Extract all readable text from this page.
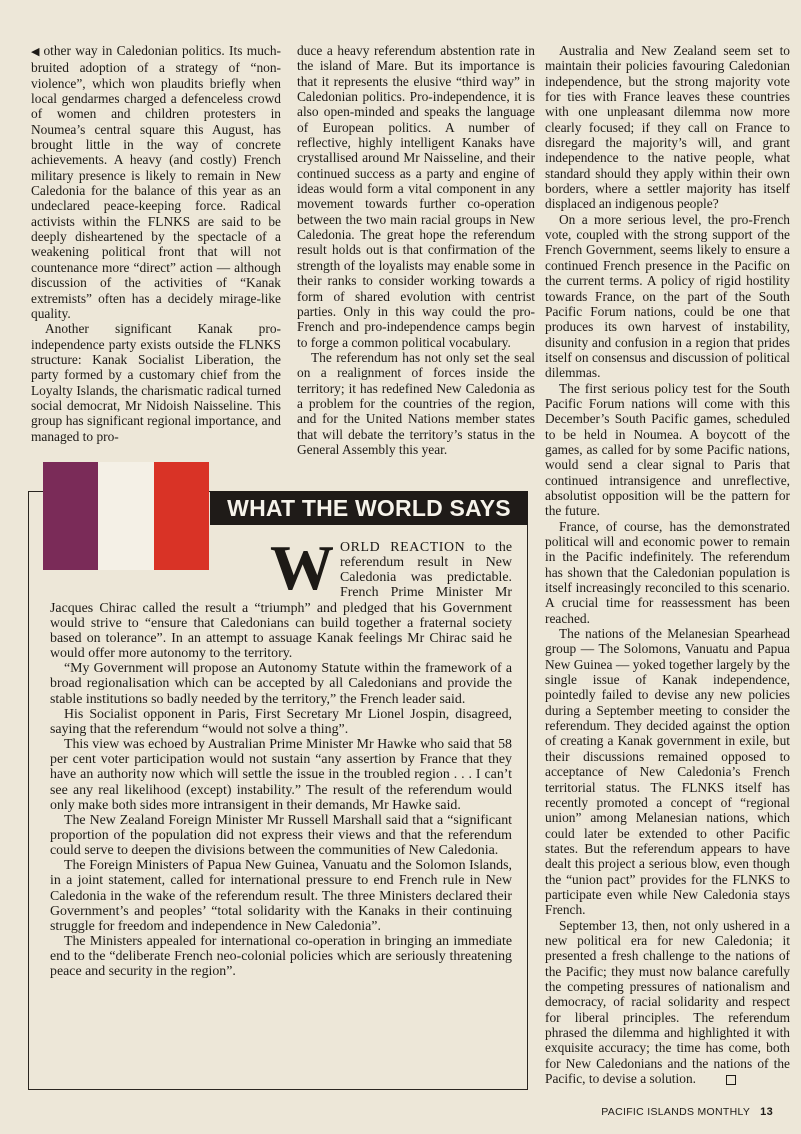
◀ other way in Caledonian politics. Its much-bruited adoption of a strategy of “non-violence”, which won plaudits briefly when local gendarmes charged a defenceless crowd of women and children protesters in Noumea’s central square this August, has brought little in the way of concrete achievements. A heavy (and costly) French military presence is likely to remain in New Caledonia for the balance of this year as an undeclared peace-keeping force. Radical activists within the FLNKS are said to be deeply disheartened by the spectacle of a weakening political front that will not countenance more “direct” action — although discussion of the activities of “Kanak extremists” often has a decidely mirage-like quality.

Another significant Kanak pro-independence party exists outside the FLNKS structure: Kanak Socialist Liberation, the party formed by a customary chief from the Loyalty Islands, the charismatic radical turned social democrat, Mr Nidoish Naisseline. This group has significant regional importance, and managed to pro-

duce a heavy referendum abstention rate in the island of Mare. But its importance is that it represents the elusive “third way” in Caledonian politics. Pro-independence, it is also open-minded and speaks the language of European politics. A number of reflective, highly intelligent Kanaks have crystallised around Mr Naisseline, and their continued success as a party and engine of ideas would form a vital component in any movement towards further co-operation between the two main racial groups in New Caledonia. The great hope the referendum result holds out is that confirmation of the strength of the loyalists may enable some in their ranks to consider working towards a form of shared evolution with centrist parties. Only in this way could the pro-French and pro-independence camps begin to forge a common political vocabulary.

The referendum has not only set the seal on a realignment of forces inside the territory; it has redefined New Caledonia as a problem for the countries of the region, and for the United Nations member states that will debate the territory’s status in the General Assembly this year.

Australia and New Zealand seem set to maintain their policies favouring Caledonian independence, but the strong majority vote for ties with France leaves these countries with one unpleasant dilemma now more clearly focused; if they call on France to disregard the majority’s will, and grant independence to the native people, what standard should they apply within their own borders, where a settler majority has itself displaced an indigenous people?

On a more serious level, the pro-French vote, coupled with the strong support of the French Government, seems likely to ensure a continued French presence in the Pacific on the current terms. A policy of rigid hostility towards France, on the part of the South Pacific Forum nations, could be one that produces its own harvest of instability, disunity and confusion in a region that prides itself on consensus and discussion of political dilemmas.

The first serious policy test for the South Pacific Forum nations will come with this December’s South Pacific games, scheduled to be held in Noumea. A boycott of the games, as called for by some Pacific nations, would send a clear signal to Paris that continued intransigence and unreflective, absolutist opposition will be the pattern for the future.

France, of course, has the demonstrated political will and economic power to remain in the Pacific indefinitely. The referendum has shown that the Caledonian population is itself increasingly reconciled to this scenario. A crucial time for reassessment has been reached.

The nations of the Melanesian Spearhead group — The Solomons, Vanuatu and Papua New Guinea — yoked together largely by the single issue of Kanak independence, pointedly failed to devise any new policies during a September meeting to consider the referendum. They decided against the option of creating a Kanak government in exile, but their discussions remained opposed to acceptance of New Caledonia’s French territorial status. The FLNKS itself has recently promoted a concept of “regional union” among Melanesian nations, which could later be extended to other Pacific states. But the referendum appears to have dealt this project a serious blow, even though the “union pact” provides for the FLNKS to participate even while New Caledonia stays French.

September 13, then, not only ushered in a new political era for new Caledonia; it presented a fresh challenge to the nations of the Pacific; they must now balance carefully the competing pressures of nationalism and democracy, of racial solidarity and respect for liberal principles. The referendum phrased the dilemma and highlighted it with exquisite accuracy; the time has come, both for New Caledonians and the nations of the Pacific, to devise a solution.

WHAT THE WORLD SAYS

WORLD REACTION to the referendum result in New Caledonia was predictable. French Prime Minister Mr Jacques Chirac called the result a “triumph” and pledged that his Government would strive to “ensure that Caledonians can build together a fraternal society based on tolerance”. In an attempt to assuage Kanak feelings Mr Chirac said he would offer more autonomy to the territory.

“My Government will propose an Autonomy Statute within the framework of a broad regionalisation which can be accepted by all Caledonians and provide the stable institutions so badly needed by the territory,” the French leader said.

His Socialist opponent in Paris, First Secretary Mr Lionel Jospin, disagreed, saying that the referendum “would not solve a thing”.

This view was echoed by Australian Prime Minister Mr Hawke who said that 58 per cent voter participation would not sustain “any assertion by France that they have an authority now which will settle the issue in the troubled region . . . I can’t see any real likelihood (except) instability.” The result of the referendum would only make both sides more intransigent in their demands, Mr Hawke said.

The New Zealand Foreign Minister Mr Russell Marshall said that a “significant proportion of the population did not express their views and that the referendum could serve to deepen the divisions between the communities of New Caledonia.

The Foreign Ministers of Papua New Guinea, Vanuatu and the Solomon Islands, in a joint statement, called for international pressure to end French rule in New Caledonia in the wake of the referendum result. The three Ministers declared their Government’s and peoples’ “total solidarity with the Kanaks in their continuing struggle for freedom and independence in New Caledonia”.

The Ministers appealed for international co-operation in bringing an immediate end to the “deliberate French neo-colonial policies which are seriously threatening peace and security in the region”.

PACIFIC ISLANDS MONTHLY 13
